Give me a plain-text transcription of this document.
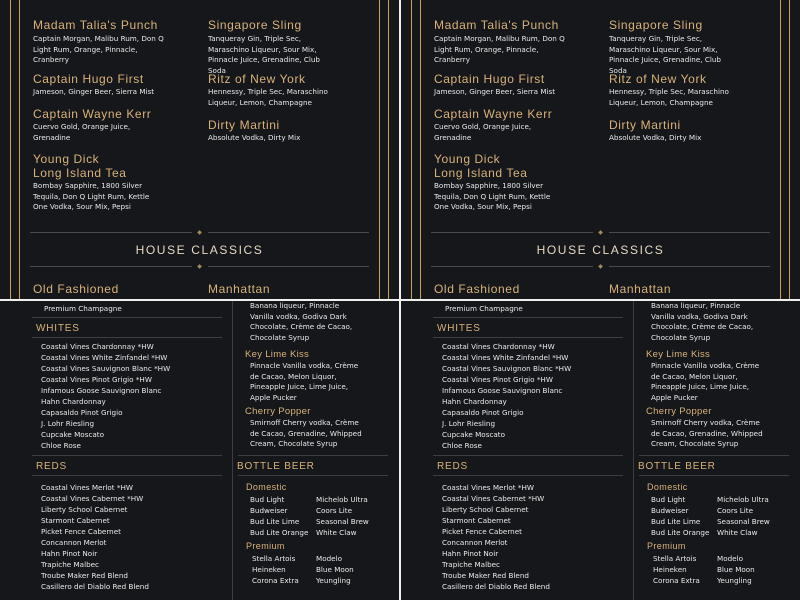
Madam Talia's Punch
Captain Morgan, Malibu Rum, Don Q Light Rum, Orange, Pinnacle, Cranberry
Captain Hugo First
Jameson, Ginger Beer, Sierra Mist
Captain Wayne Kerr
Cuervo Gold, Orange Juice, Grenadine
Young Dick
Long Island Tea
Bombay Sapphire, 1800 Silver Tequila, Don Q Light Rum, Kettle One Vodka, Sour Mix, Pepsi
Singapore Sling
Tanqueray Gin, Triple Sec, Maraschino Liqueur, Sour Mix, Pinnacle Juice, Grenadine, Club Soda
Ritz of New York
Hennessy, Triple Sec, Maraschino Liqueur, Lemon, Champagne
Dirty Martini
Absolute Vodka, Dirty Mix
◆
HOUSE CLASSICS
◆
Old Fashioned	Manhattan
Madam Talia's Punch
Captain Morgan, Malibu Rum, Don Q Light Rum, Orange, Pinnacle, Cranberry
Captain Hugo First
Jameson, Ginger Beer, Sierra Mist
Captain Wayne Kerr
Cuervo Gold, Orange Juice, Grenadine
Young Dick
Long Island Tea
Bombay Sapphire, 1800 Silver Tequila, Don Q Light Rum, Kettle One Vodka, Sour Mix, Pepsi
Singapore Sling
Tanqueray Gin, Triple Sec, Maraschino Liqueur, Sour Mix, Pinnacle Juice, Grenadine, Club Soda
Ritz of New York
Hennessy, Triple Sec, Maraschino Liqueur, Lemon, Champagne
Dirty Martini
Absolute Vodka, Dirty Mix
◆
HOUSE CLASSICS
◆
Old Fashioned	Manhattan
Premium Champagne
WHITES
Coastal Vines Chardonnay *HW
Coastal Vines White Zinfandel *HW
Coastal Vines Sauvignon Blanc *HW
Coastal Vines Pinot Grigio *HW
Infamous Goose Sauvignon Blanc
Hahn Chardonnay
Capasaldo Pinot Grigio
J. Lohr Riesling
Cupcake Moscato
Chloe Rose
REDS
Coastal Vines Merlot *HW
Coastal Vines Cabernet *HW
Liberty School Cabernet
Starmont Cabernet
Picket Fence Cabernet
Concannon Merlot
Hahn Pinot Noir
Trapiche Malbec
Troube Maker Red Blend
Casillero del Diablo Red Blend
Banana liqueur, Pinnacle Vanilla vodka, Godiva Dark Chocolate, Crème de Cacao, Chocolate Syrup
Key Lime Kiss
Pinnacle Vanilla vodka, Crème de Cacao, Melon Liquor, Pineapple Juice, Lime Juice, Apple Pucker
Cherry Popper
Smirnoff Cherry vodka, Crème de Cacao, Grenadine, Whipped Cream, Chocolate Syrup
BOTTLE BEER
Domestic
Bud Light
Budweiser
Bud Lite Lime
Bud Lite Orange
Michelob Ultra
Coors Lite
Seasonal Brew
White Claw
Premium
Stella Artois
Heineken
Corona Extra
Modelo
Blue Moon
Yeungling
Premium Champagne
WHITES
Coastal Vines Chardonnay *HW
Coastal Vines White Zinfandel *HW
Coastal Vines Sauvignon Blanc *HW
Coastal Vines Pinot Grigio *HW
Infamous Goose Sauvignon Blanc
Hahn Chardonnay
Capasaldo Pinot Grigio
J. Lohr Riesling
Cupcake Moscato
Chloe Rose
REDS
Coastal Vines Merlot *HW
Coastal Vines Cabernet *HW
Liberty School Cabernet
Starmont Cabernet
Picket Fence Cabernet
Concannon Merlot
Hahn Pinot Noir
Trapiche Malbec
Troube Maker Red Blend
Casillero del Diablo Red Blend
Banana liqueur, Pinnacle Vanilla vodka, Godiva Dark Chocolate, Crème de Cacao, Chocolate Syrup
Key Lime Kiss
Pinnacle Vanilla vodka, Crème de Cacao, Melon Liquor, Pineapple Juice, Lime Juice, Apple Pucker
Cherry Popper
Smirnoff Cherry vodka, Crème de Cacao, Grenadine, Whipped Cream, Chocolate Syrup
BOTTLE BEER
Domestic
Bud Light
Budweiser
Bud Lite Lime
Bud Lite Orange
Michelob Ultra
Coors Lite
Seasonal Brew
White Claw
Premium
Stella Artois
Heineken
Corona Extra
Modelo
Blue Moon
Yeungling
